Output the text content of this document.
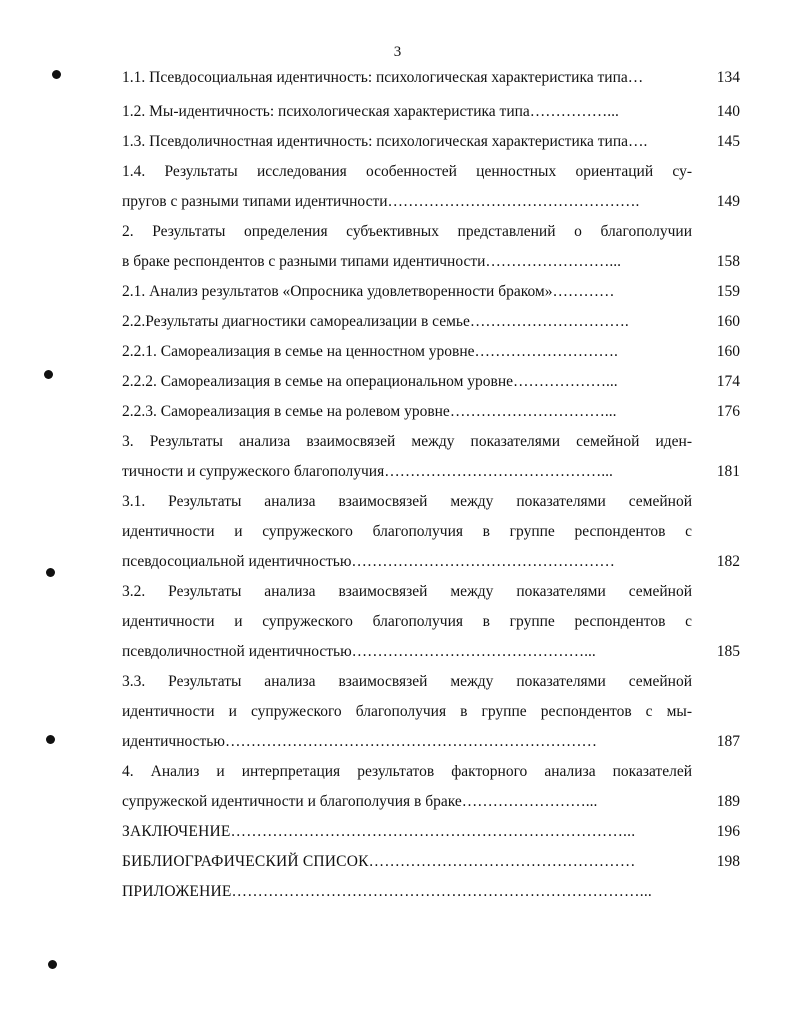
3
1.1. Псевдосоциальная идентичность: психологическая характеристика типа…	134
1.2. Мы-идентичность: психологическая характеристика типа……………...	140
1.3. Псевдоличностная идентичность: психологическая характеристика типа….	145
1.4. Результаты исследования особенностей ценностных ориентаций су-
пругов с разными типами идентичности………………………………………….	149
2. Результаты определения субъективных представлений о благополучии
в браке респондентов с разными типами идентичности……………………...	158
2.1. Анализ результатов «Опросника удовлетворенности браком»…………	159
2.2.Результаты диагностики самореализации в семье………………………….	160
2.2.1. Самореализация в семье на ценностном уровне……………………….	160
2.2.2. Самореализация в семье на операциональном уровне………………...	174
2.2.3. Самореализация в семье на ролевом уровне…………………………...	176
3. Результаты анализа взаимосвязей между показателями семейной иден-
тичности и супружеского благополучия……………………………………...	181
3.1. Результаты анализа взаимосвязей между показателями семейной
идентичности и супружеского благополучия в группе респондентов с
псевдосоциальной идентичностью……………………………………………	182
3.2. Результаты анализа взаимосвязей между показателями семейной
идентичности и супружеского благополучия в группе респондентов с
псевдоличностной идентичностью………………………………………...	185
3.3. Результаты анализа взаимосвязей между показателями семейной
идентичности и супружеского благополучия в группе респондентов с мы-
идентичностью………………………………………………………………	187
4. Анализ и интерпретация результатов факторного анализа показателей
супружеской идентичности и благополучия в браке……………………...	189
ЗАКЛЮЧЕНИЕ…………………………………………………………………...	196
БИБЛИОГРАФИЧЕСКИЙ СПИСОК……………………………………………	198
ПРИЛОЖЕНИЕ……………………………………………………………………...
